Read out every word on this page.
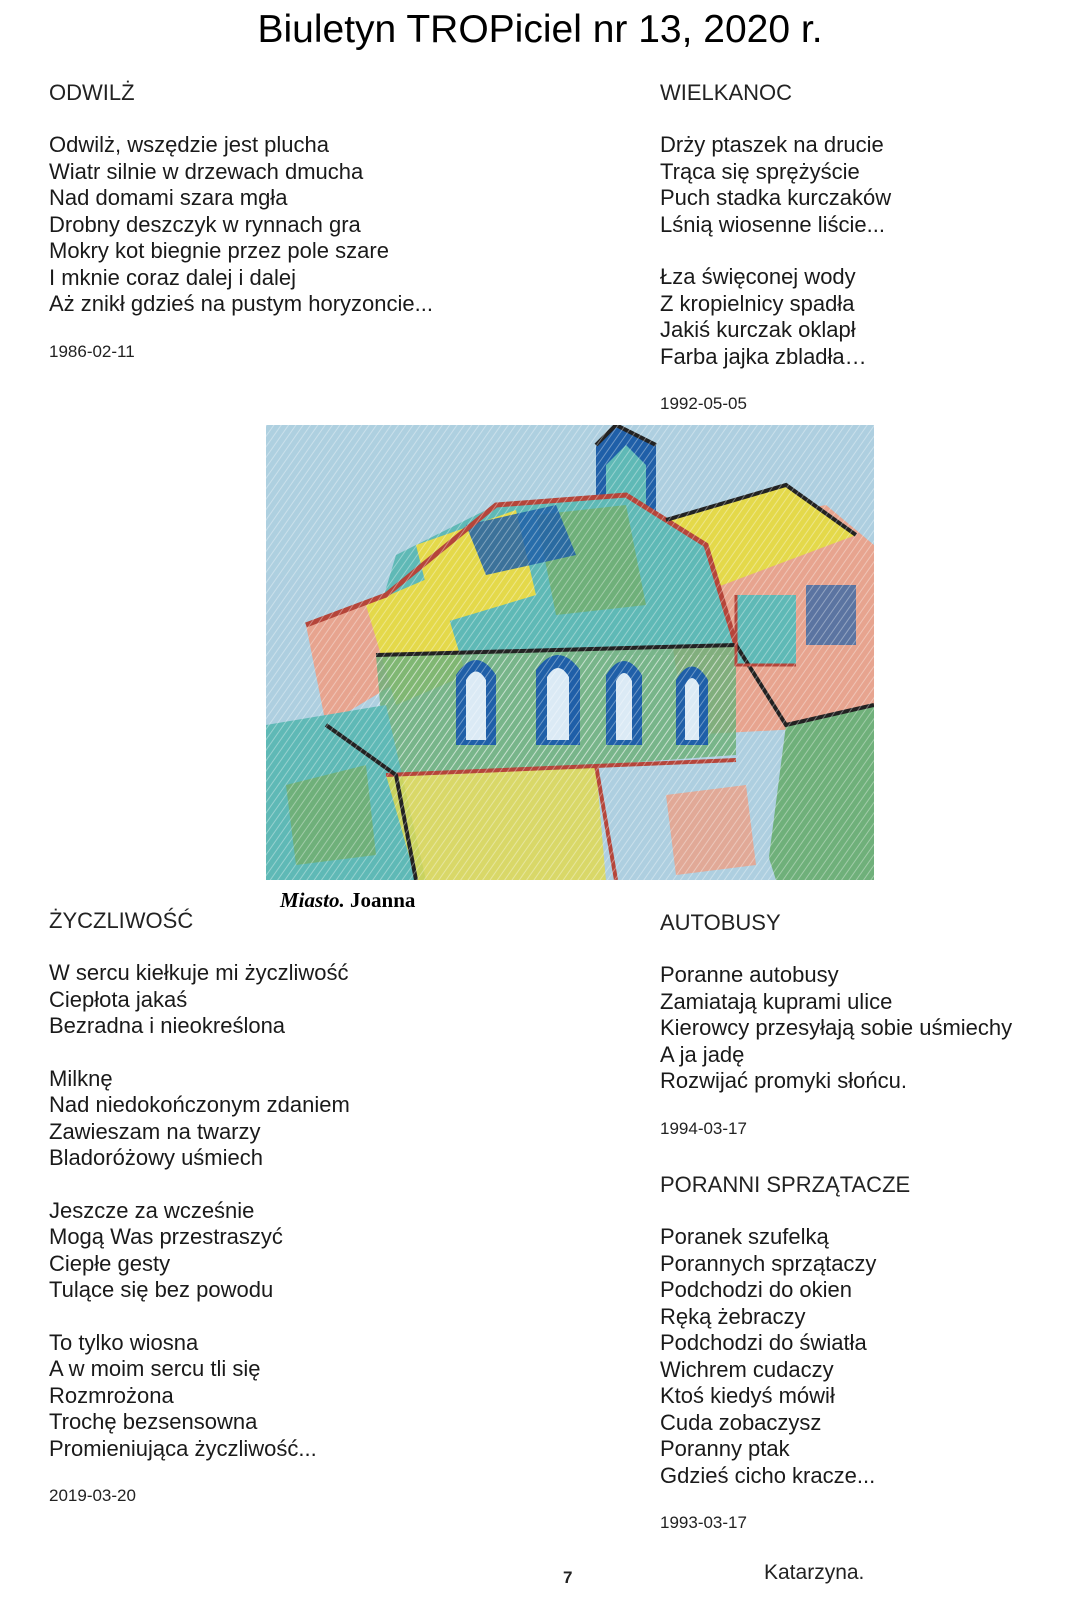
Biuletyn TROPiciel nr 13, 2020 r.
ODWILŻ
Odwilż, wszędzie jest plucha
Wiatr silnie w drzewach dmucha
Nad domami szara mgła
Drobny deszczyk w rynnach gra
Mokry kot biegnie przez pole szare
I mknie coraz dalej i dalej
Aż znikł gdzieś na pustym horyzoncie...
1986-02-11
WIELKANOC
Drży ptaszek na drucie
Trąca się sprężyście
Puch stadka kurczaków
Lśnią wiosenne liście...
Łza święconej wody
Z kropielnicy spadła
Jakiś kurczak oklapł
Farba jajka zbladła…
1992-05-05
Miasto. Joanna
ŻYCZLIWOŚĆ
W sercu kiełkuje mi życzliwość
Ciepłota jakaś
Bezradna i nieokreślona
Milknę
Nad niedokończonym zdaniem
Zawieszam na twarzy
Bladoróżowy uśmiech
Jeszcze za wcześnie
Mogą Was przestraszyć
Ciepłe gesty
Tulące się bez powodu
To tylko wiosna
A w moim sercu tli się
Rozmrożona
Trochę bezsensowna
Promieniująca życzliwość...
2019-03-20
AUTOBUSY
Poranne autobusy
Zamiatają kuprami ulice
Kierowcy przesyłają sobie uśmiechy
A ja jadę
Rozwijać promyki słońcu.
1994-03-17
PORANNI SPRZĄTACZE
Poranek szufelką
Porannych sprzątaczy
Podchodzi do okien
Ręką żebraczy
Podchodzi do światła
Wichrem cudaczy
Ktoś kiedyś mówił
Cuda zobaczysz
Poranny ptak
Gdzieś cicho kracze...
1993-03-17
7	Katarzyna.
